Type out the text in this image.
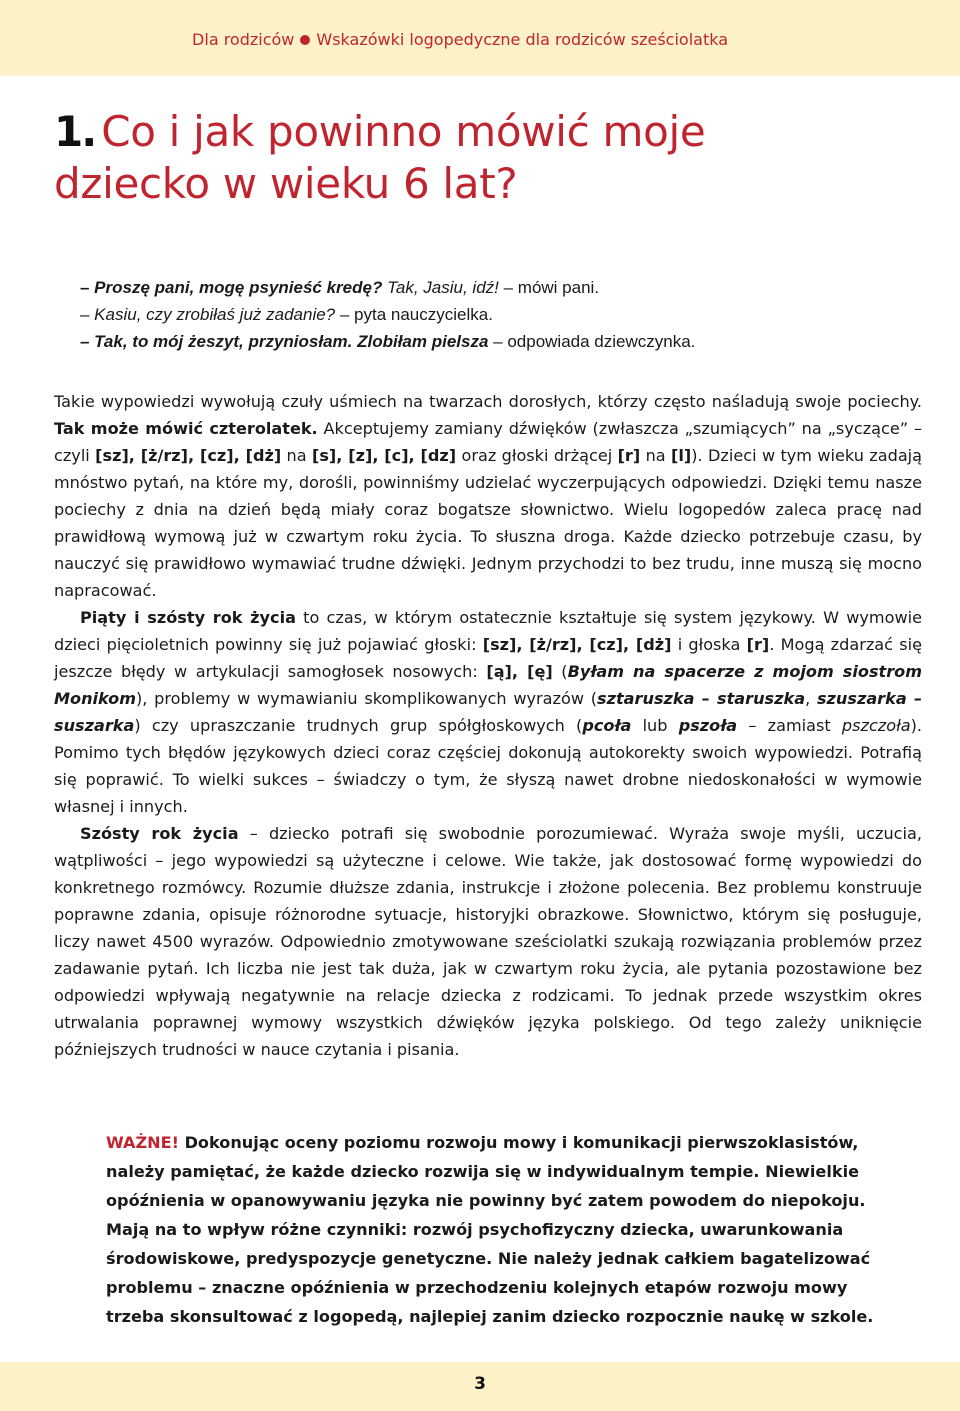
Dla rodziców Wskazówki logopedyczne dla rodziców sześciolatka
1. Co i jak powinno mówić moje
dziecko w wieku 6 lat?
– Proszę pani, mogę psynieść kredę? Tak, Jasiu, idź! – mówi pani.
– Kasiu, czy zrobiłaś już zadanie? – pyta nauczycielka.
– Tak, to mój żeszyt, przyniosłam. Zlobiłam pielsza – odpowiada dziewczynka.

Takie wypowiedzi wywołują czuły uśmiech na twarzach dorosłych, którzy często naśladują swoje pociechy. Tak może mówić czterolatek. Akceptujemy zamiany dźwięków (zwłaszcza „szumiących” na „syczące” – czyli [sz], [ż/rz], [cz], [dż] na [s], [z], [c], [dz] oraz głoski drżącej [r] na [l]). Dzieci w tym wieku zadają mnóstwo pytań, na które my, dorośli, powinniśmy udzielać wyczerpujących odpowiedzi. Dzięki temu nasze pociechy z dnia na dzień będą miały coraz bogatsze słownictwo. Wielu logopedów zaleca pracę nad prawidłową wymową już w czwartym roku życia. To słuszna droga. Każde dziecko potrzebuje czasu, by nauczyć się prawidłowo wymawiać trudne dźwięki. Jednym przychodzi to bez trudu, inne muszą się mocno napracować.

Piąty i szósty rok życia to czas, w którym ostatecznie kształtuje się system językowy. W wymowie dzieci pięcioletnich powinny się już pojawiać głoski: [sz], [ż/rz], [cz], [dż] i głoska [r]. Mogą zdarzać się jeszcze błędy w artykulacji samogłosek nosowych: [ą], [ę] (Byłam na spacerze z mojom siostrom Monikom), problemy w wymawianiu skomplikowanych wyrazów (sztaruszka – staruszka, szuszarka – suszarka) czy upraszczanie trudnych grup spółgłoskowych (pcoła lub pszoła – zamiast pszczoła). Pomimo tych błędów językowych dzieci coraz częściej dokonują autokorekty swoich wypowiedzi. Potrafią się poprawić. To wielki sukces – świadczy o tym, że słyszą nawet drobne niedoskonałości w wymowie własnej i innych.

Szósty rok życia – dziecko potrafi się swobodnie porozumiewać. Wyraża swoje myśli, uczucia, wątpliwości – jego wypowiedzi są użyteczne i celowe. Wie także, jak dostosować formę wypowiedzi do konkretnego rozmówcy. Rozumie dłuższe zdania, instrukcje i złożone polecenia. Bez problemu konstruuje poprawne zdania, opisuje różnorodne sytuacje, historyjki obrazkowe. Słownictwo, którym się posługuje, liczy nawet 4500 wyrazów. Odpowiednio zmotywowane sześciolatki szukają rozwiązania problemów przez zadawanie pytań. Ich liczba nie jest tak duża, jak w czwartym roku życia, ale pytania pozostawione bez odpowiedzi wpływają negatywnie na relacje dziecka z rodzicami. To jednak przede wszystkim okres utrwalania poprawnej wymowy wszystkich dźwięków języka polskiego. Od tego zależy uniknięcie późniejszych trudności w nauce czytania i pisania.

WAŻNE! Dokonując oceny poziomu rozwoju mowy i komunikacji pierwszoklasistów, należy pamiętać, że każde dziecko rozwija się w indywidualnym tempie. Niewielkie opóźnienia w opanowywaniu języka nie powinny być zatem powodem do niepokoju. Mają na to wpływ różne czynniki: rozwój psychofizyczny dziecka, uwarunkowania środowiskowe, predyspozycje genetyczne. Nie należy jednak całkiem bagatelizować problemu – znaczne opóźnienia w przechodzeniu kolejnych etapów rozwoju mowy trzeba skonsultować z logopedą, najlepiej zanim dziecko rozpocznie naukę w szkole.
3
